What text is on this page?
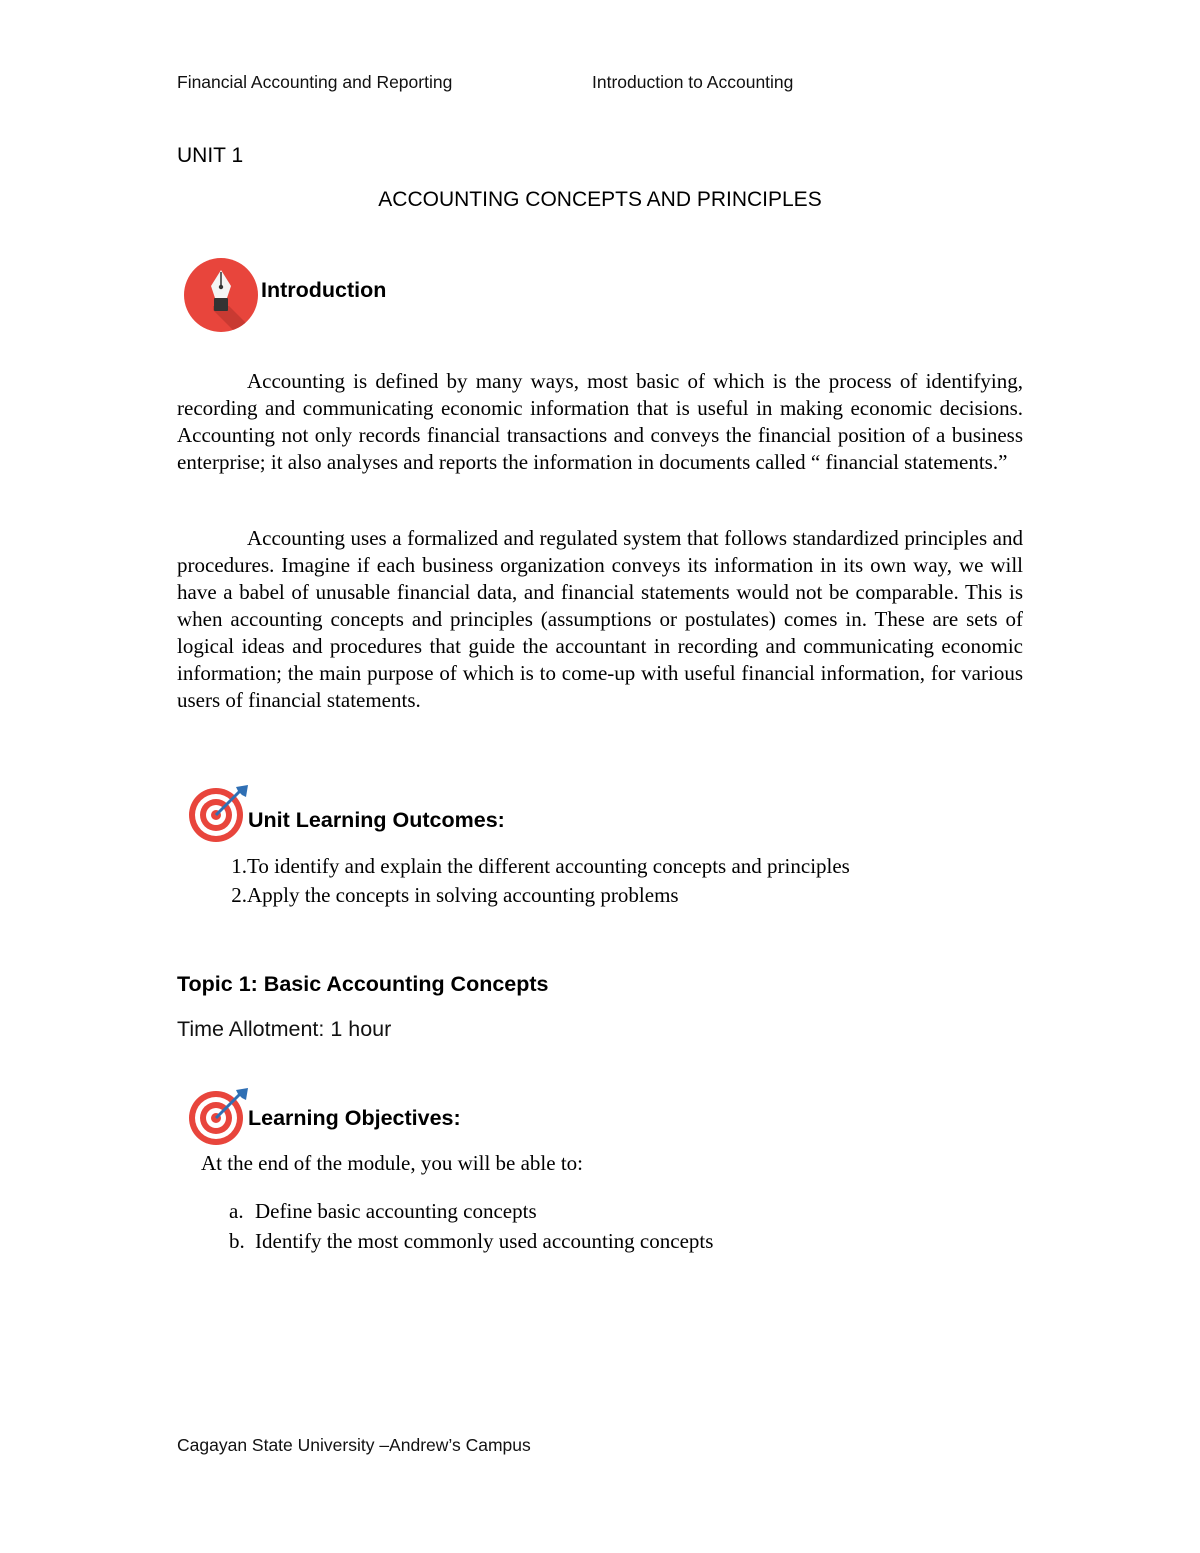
Financial Accounting and Reporting	Introduction to Accounting
UNIT 1
ACCOUNTING CONCEPTS AND PRINCIPLES
Introduction

Accounting is defined by many ways, most basic of which is the process of identifying, recording and communicating economic information that is useful in making economic decisions. Accounting not only records financial transactions and conveys the financial position of a business enterprise; it also analyses and reports the information in documents called “ financial statements.”

Accounting uses a formalized and regulated system that follows standardized principles and procedures. Imagine if each business organization conveys its information in its own way, we will have a babel of unusable financial data, and financial statements would not be comparable. This is when accounting concepts and principles (assumptions or postulates) comes in. These are sets of logical ideas and procedures that guide the accountant in recording and communicating economic information; the main purpose of which is to come-up with useful financial information, for various users of financial statements.

Unit Learning Outcomes:
1. To identify and explain the different accounting concepts and principles
2. Apply the concepts in solving accounting problems
Topic 1: Basic Accounting Concepts
Time Allotment: 1 hour
Learning Objectives:
At the end of the module, you will be able to:
a. Define basic accounting concepts
b. Identify the most commonly used accounting concepts
Cagayan State University –Andrew’s Campus
